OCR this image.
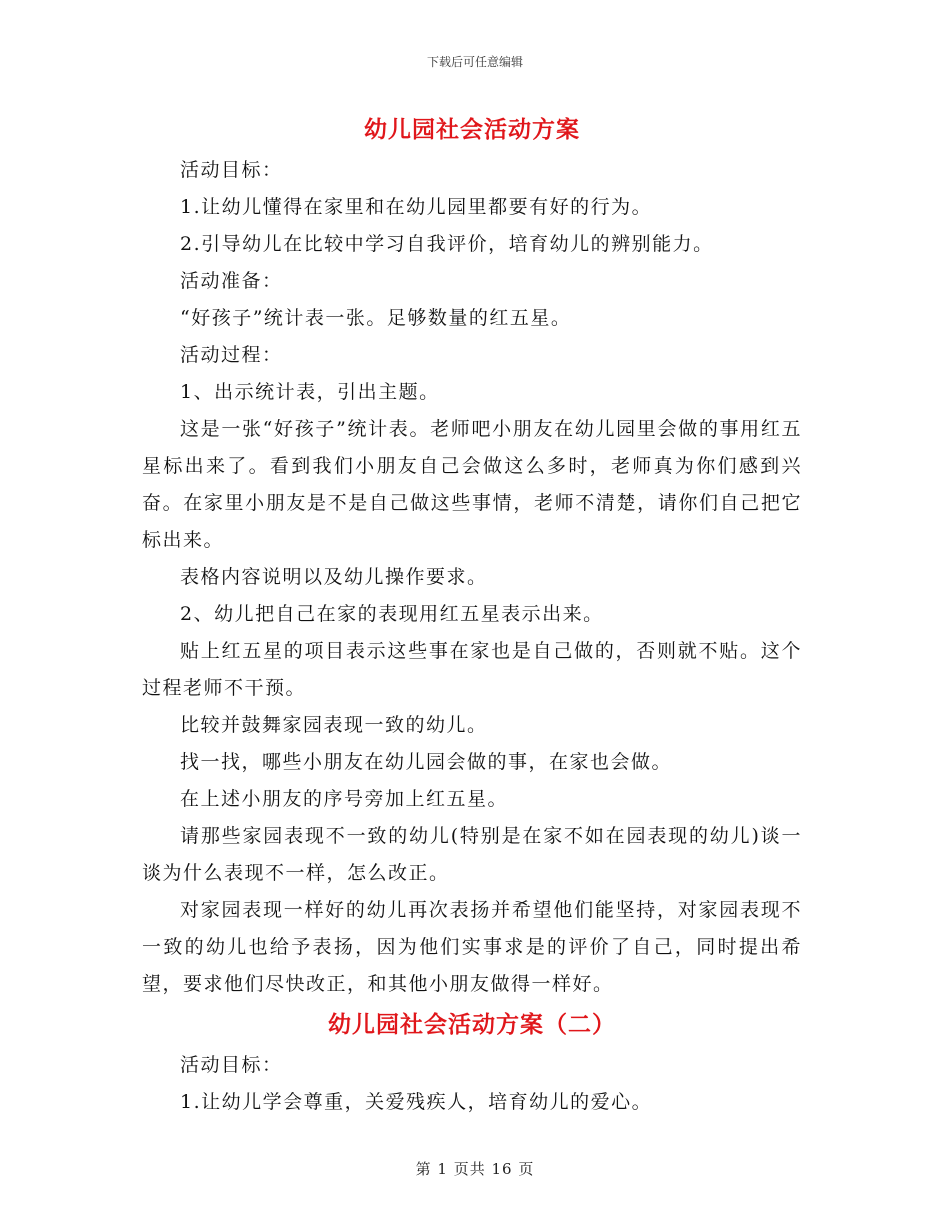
下载后可任意编辑
幼儿园社会活动方案

活动目标：

1.让幼儿懂得在家里和在幼儿园里都要有好的行为。

2.引导幼儿在比较中学习自我评价，培育幼儿的辨别能力。

活动准备：

“好孩子”统计表一张。足够数量的红五星。

活动过程：

1、出示统计表，引出主题。

这是一张“好孩子”统计表。老师吧小朋友在幼儿园里会做的事用红五星标出来了。看到我们小朋友自己会做这么多时，老师真为你们感到兴奋。在家里小朋友是不是自己做这些事情，老师不清楚，请你们自己把它标出来。

表格内容说明以及幼儿操作要求。

2、幼儿把自己在家的表现用红五星表示出来。

贴上红五星的项目表示这些事在家也是自己做的，否则就不贴。这个过程老师不干预。

比较并鼓舞家园表现一致的幼儿。

找一找，哪些小朋友在幼儿园会做的事，在家也会做。

在上述小朋友的序号旁加上红五星。

请那些家园表现不一致的幼儿(特别是在家不如在园表现的幼儿)谈一谈为什么表现不一样，怎么改正。

对家园表现一样好的幼儿再次表扬并希望他们能坚持，对家园表现不一致的幼儿也给予表扬，因为他们实事求是的评价了自己，同时提出希望，要求他们尽快改正，和其他小朋友做得一样好。

幼儿园社会活动方案（二）

活动目标：

1.让幼儿学会尊重，关爱残疾人，培育幼儿的爱心。

第 1 页共 16 页
